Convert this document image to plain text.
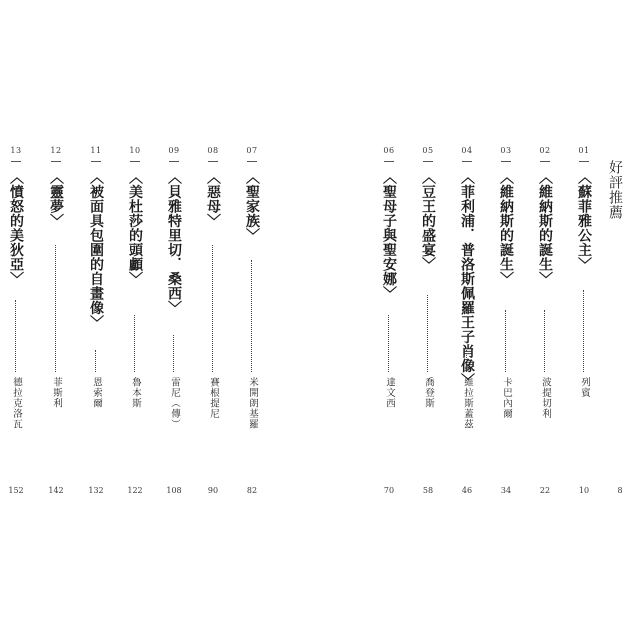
好評推薦
8
01
〈蘇菲雅公主〉
列賓
10
02
〈維納斯的誕生〉
波提切利
22
03
〈維納斯的誕生〉
卡巴內爾
34
04
〈菲利浦．普洛斯佩羅王子肖像〉
維拉斯蓋茲
46
05
〈豆王的盛宴〉
喬登斯
58
06
〈聖母子與聖安娜〉
達文西
70
07
〈聖家族〉
米開朗基羅
82
08
〈惡母〉
賽根提尼
90
09
〈貝雅特里切．桑西〉
雷尼（傳）
108
10
〈美杜莎的頭顱〉
魯本斯
122
11
〈被面具包圍的自畫像〉
恩索爾
132
12
〈靈夢〉
菲斯利
142
13
〈憤怒的美狄亞〉
德拉克洛瓦
152
